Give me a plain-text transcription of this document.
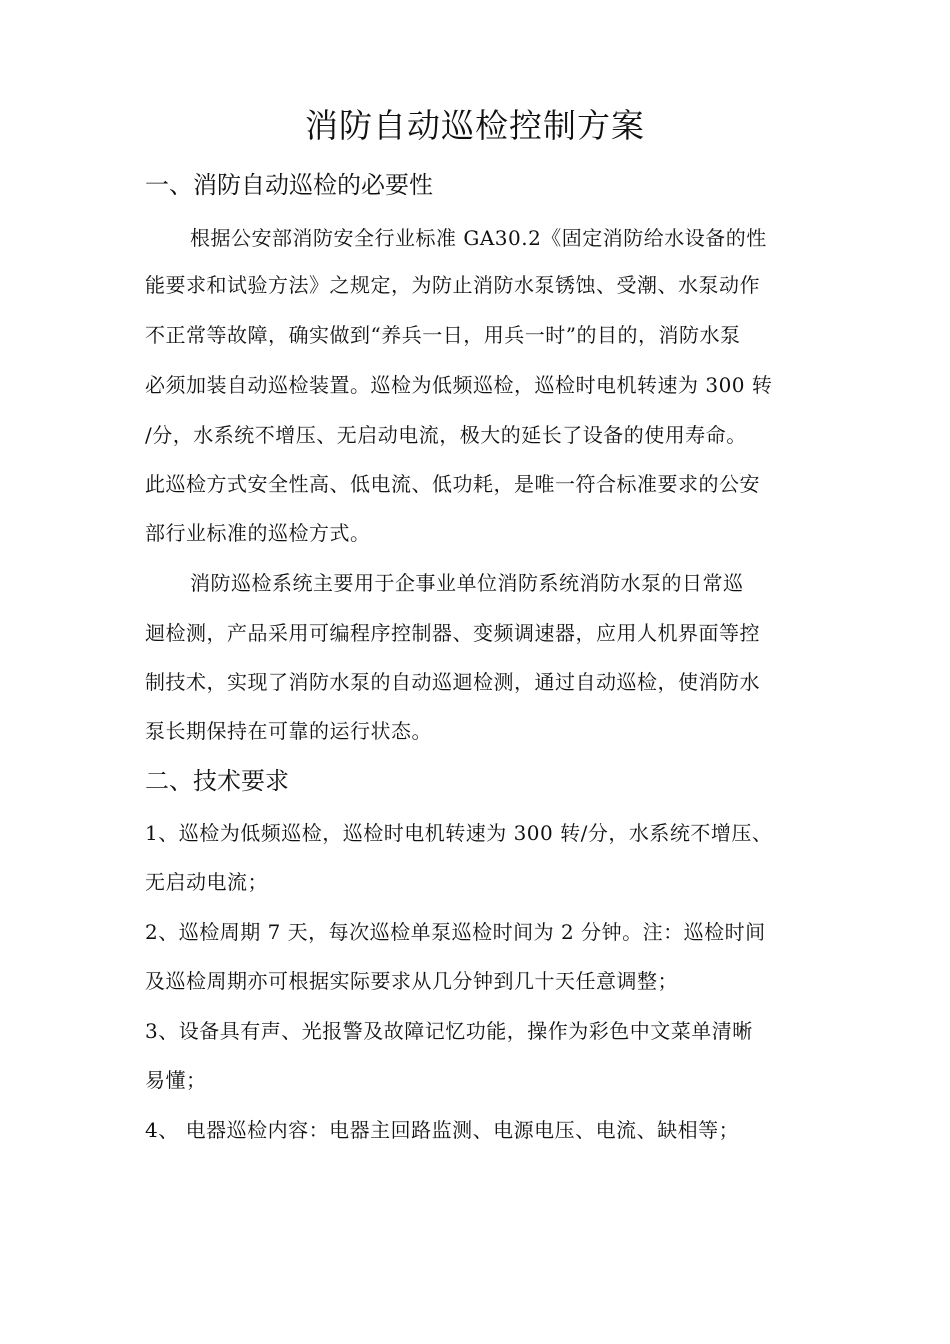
消防自动巡检控制方案
一、消防自动巡检的必要性

根据公安部消防安全行业标准 GA30.2《固定消防给水设备的性

能要求和试验方法》之规定，为防止消防水泵锈蚀、受潮、水泵动作

不正常等故障，确实做到“养兵一日，用兵一时”的目的，消防水泵

必须加装自动巡检装置。巡检为低频巡检，巡检时电机转速为 300 转

/分，水系统不增压、无启动电流，极大的延长了设备的使用寿命。

此巡检方式安全性高、低电流、低功耗，是唯一符合标准要求的公安

部行业标准的巡检方式。

消防巡检系统主要用于企事业单位消防系统消防水泵的日常巡

迴检测，产品采用可编程序控制器、变频调速器，应用人机界面等控

制技术，实现了消防水泵的自动巡迴检测，通过自动巡检，使消防水

泵长期保持在可靠的运行状态。

二、技术要求

1、巡检为低频巡检，巡检时电机转速为 300 转/分，水系统不增压、

无启动电流；

2、巡检周期 7 天，每次巡检单泵巡检时间为 2 分钟。注：巡检时间

及巡检周期亦可根据实际要求从几分钟到几十天任意调整；

3、设备具有声、光报警及故障记忆功能，操作为彩色中文菜单清晰

易懂；

4、 电器巡检内容：电器主回路监测、电源电压、电流、缺相等；
